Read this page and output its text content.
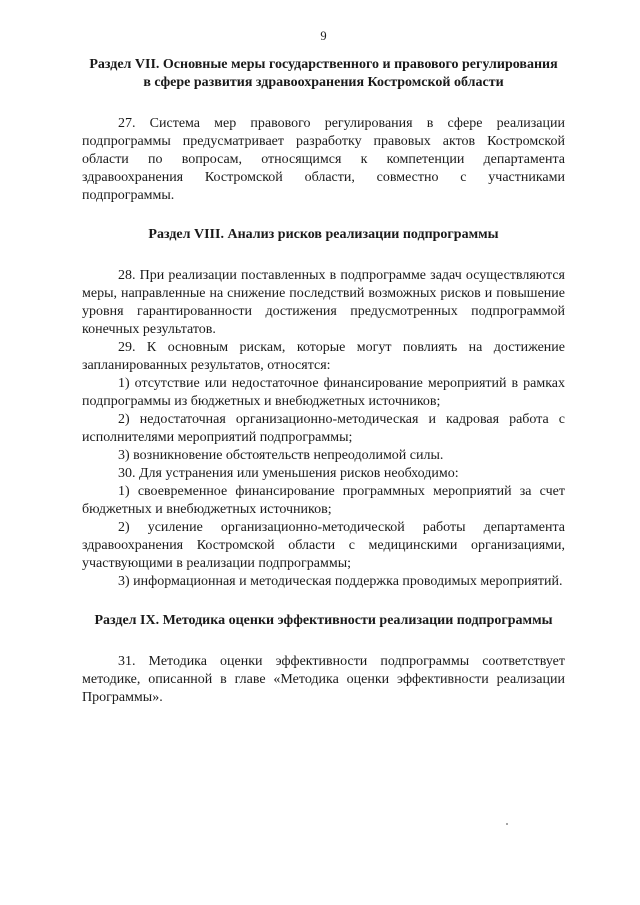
9
Раздел VII. Основные меры государственного и правового регулирования
в сфере развития здравоохранения Костромской области

27. Система мер правового регулирования в сфере реализации подпрограммы предусматривает разработку правовых актов Костромской области по вопросам, относящимся к компетенции департамента здравоохранения Костромской области, совместно с участниками подпрограммы.

Раздел VIII. Анализ рисков реализации подпрограммы

28. При реализации поставленных в подпрограмме задач осуществляются меры, направленные на снижение последствий возможных рисков и повышение уровня гарантированности достижения предусмотренных подпрограммой конечных результатов.

29. К основным рискам, которые могут повлиять на достижение запланированных результатов, относятся:

1) отсутствие или недостаточное финансирование мероприятий в рамках подпрограммы из бюджетных и внебюджетных источников;

2) недостаточная организационно-методическая и кадровая работа с исполнителями мероприятий подпрограммы;

3) возникновение обстоятельств непреодолимой силы.

30. Для устранения или уменьшения рисков необходимо:

1) своевременное финансирование программных мероприятий за счет бюджетных и внебюджетных источников;

2) усиление организационно-методической работы департамента здравоохранения Костромской области с медицинскими организациями, участвующими в реализации подпрограммы;

3) информационная и методическая поддержка проводимых мероприятий.

Раздел IX. Методика оценки эффективности реализации подпрограммы

31. Методика оценки эффективности подпрограммы соответствует методике, описанной в главе «Методика оценки эффективности реализации Программы».
